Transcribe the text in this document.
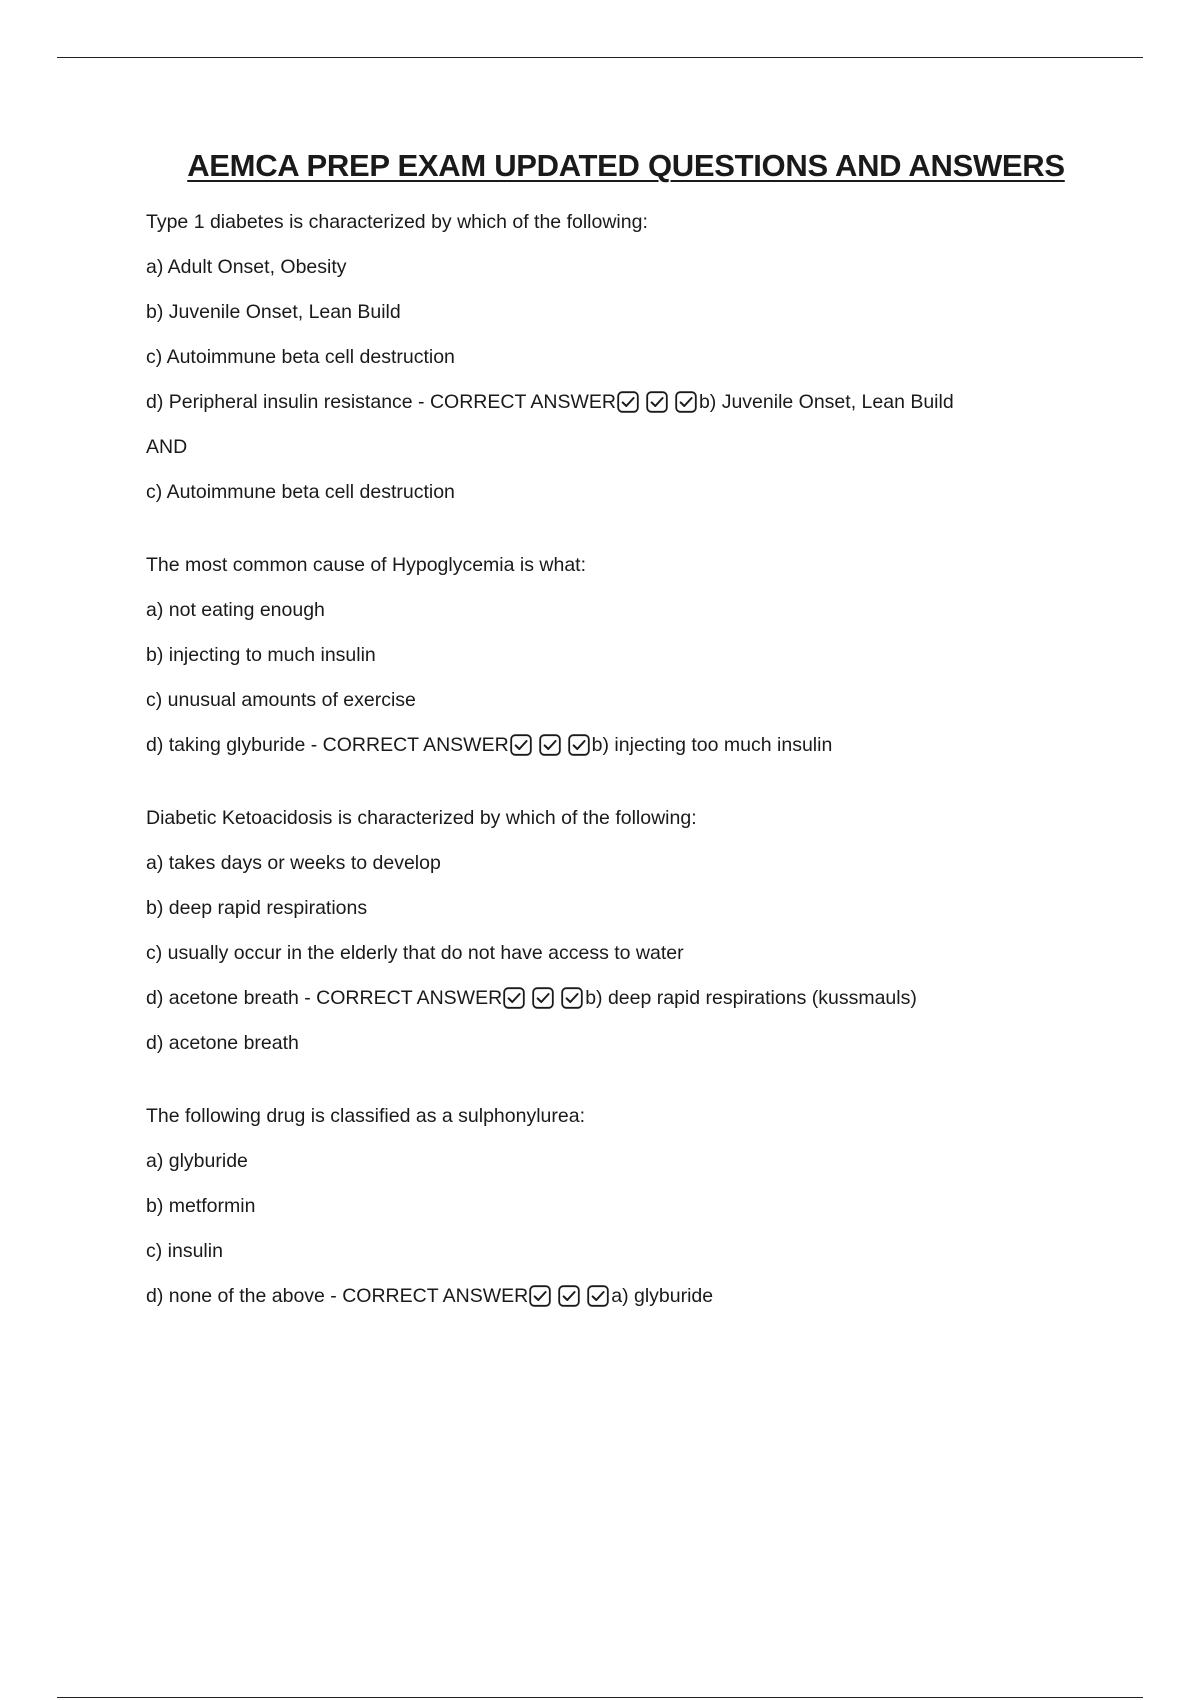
AEMCA PREP EXAM UPDATED QUESTIONS AND ANSWERS
Type 1 diabetes is characterized by which of the following:
a) Adult Onset, Obesity
b) Juvenile Onset, Lean Build
c) Autoimmune beta cell destruction
d) Peripheral insulin resistance - CORRECT ANSWER	b) Juvenile Onset, Lean Build
AND
c) Autoimmune beta cell destruction
The most common cause of Hypoglycemia is what:
a) not eating enough
b) injecting to much insulin
c) unusual amounts of exercise
d) taking glyburide - CORRECT ANSWER	b) injecting too much insulin
Diabetic Ketoacidosis is characterized by which of the following:
a) takes days or weeks to develop
b) deep rapid respirations
c) usually occur in the elderly that do not have access to water
d) acetone breath - CORRECT ANSWER	b) deep rapid respirations (kussmauls)
d) acetone breath
The following drug is classified as a sulphonylurea:
a) glyburide
b) metformin
c) insulin
d) none of the above - CORRECT ANSWER	a) glyburide
